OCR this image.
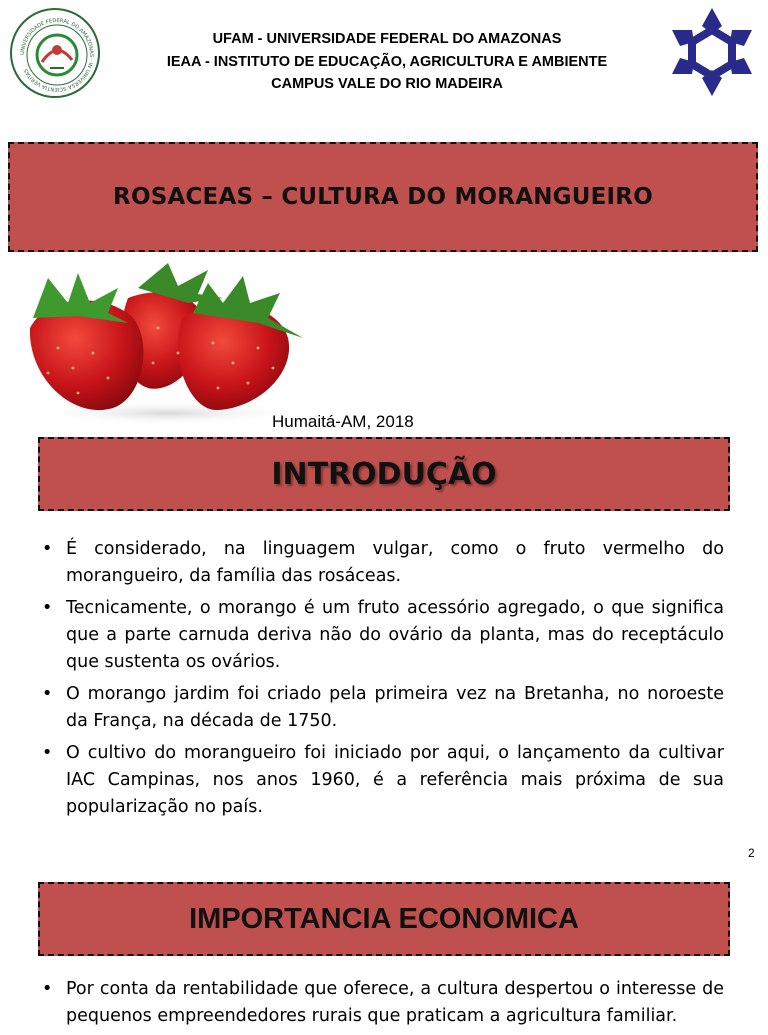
UNIVERSIDADE FEDERAL DO AMAZONAS · IN UNIVERSA SCIENTIA VERITAS
UFAM - UNIVERSIDADE FEDERAL DO AMAZONAS
IEAA - INSTITUTO DE EDUCAÇÃO, AGRICULTURA E AMBIENTE
CAMPUS VALE DO RIO MADEIRA
ROSACEAS – CULTURA DO MORANGUEIRO
Humaitá-AM, 2018
INTRODUÇÃO
• É considerado, na linguagem vulgar, como o fruto vermelho do morangueiro, da família das rosáceas.
• Tecnicamente, o morango é um fruto acessório agregado, o que significa que a parte carnuda deriva não do ovário da planta, mas do receptáculo que sustenta os ovários.
• O morango jardim foi criado pela primeira vez na Bretanha, no noroeste da França, na década de 1750.
• O cultivo do morangueiro foi iniciado por aqui, o lançamento da cultivar IAC Campinas, nos anos 1960, é a referência mais próxima de sua popularização no país.
2
IMPORTANCIA ECONOMICA
• Por conta da rentabilidade que oferece, a cultura despertou o interesse de pequenos empreendedores rurais que praticam a agricultura familiar.
